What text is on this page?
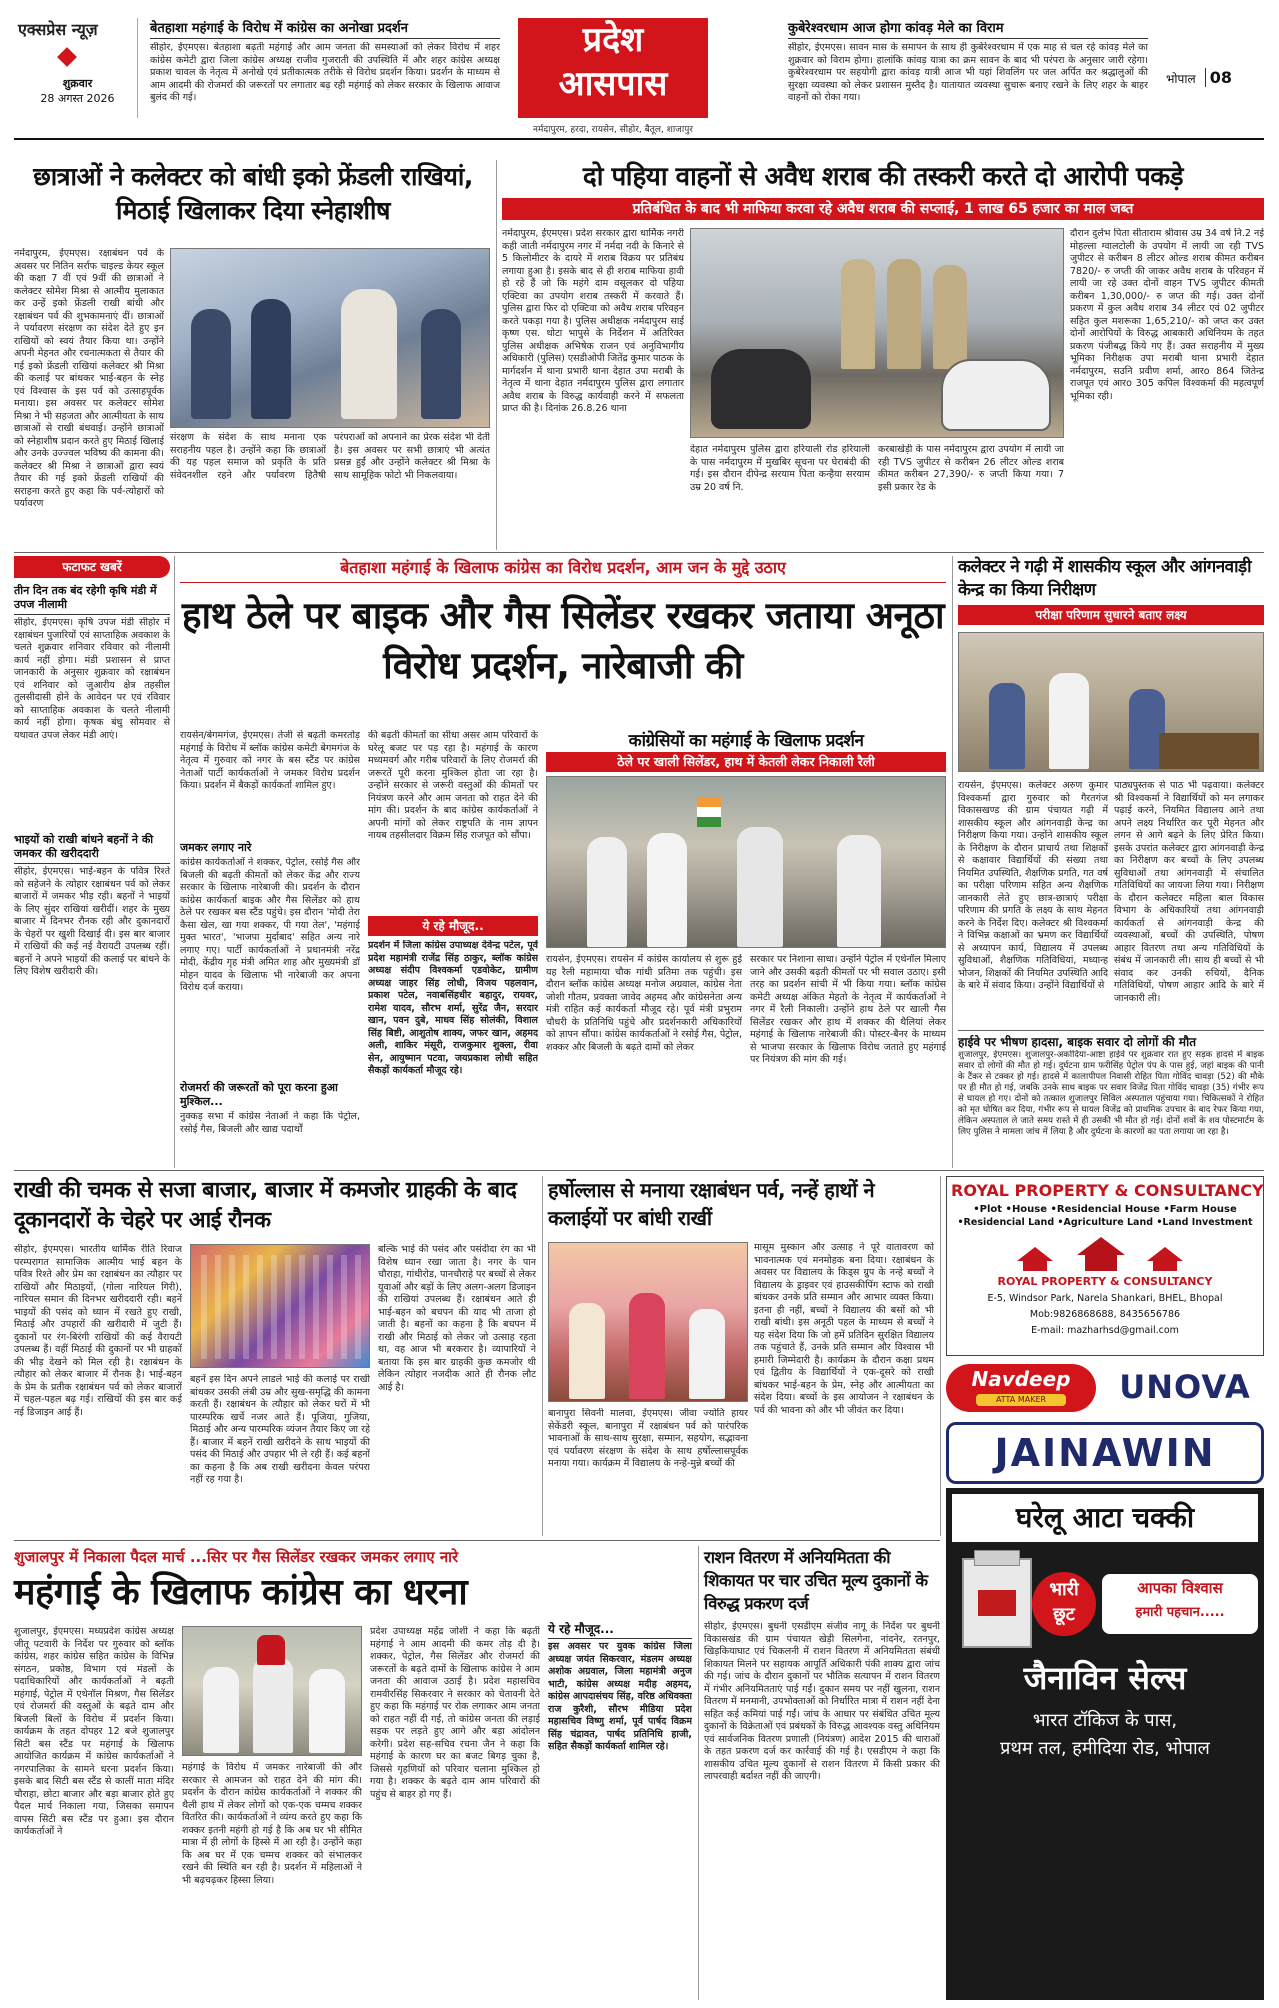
एक्सप्रेस न्यूज़
शुक्रवार
28 अगस्त 2026
बेतहाशा महंगाई के विरोध में कांग्रेस का अनोखा प्रदर्शन
सीहोर, ईएमएस। बेतहाशा बढ़ती महंगाई और आम जनता की समस्याओं को लेकर विरोध में शहर कांग्रेस कमेटी द्वारा जिला कांग्रेस अध्यक्ष राजीव गुजराती की उपस्थिति में और शहर कांग्रेस अध्यक्ष प्रकाश चावल के नेतृत्व में अनोखे एवं प्रतीकात्मक तरीके से विरोध प्रदर्शन किया। प्रदर्शन के माध्यम से आम आदमी की रोजमर्रा की जरूरतों पर लगातार बढ़ रही महंगाई को लेकर सरकार के खिलाफ आवाज बुलंद की गई।
प्रदेश
आसपास
नर्मदापुरम, हरदा, रायसेन, सीहोर, बैतूल, शाजापुर
कुबेरेश्वरधाम आज होगा कांवड़ मेले का विराम
सीहोर, ईएमएस। सावन मास के समापन के साथ ही कुबेरेश्वरधाम में एक माह से चल रहे कांवड़ मेले का शुक्रवार को विराम होगा। हालांकि कांवड़ यात्रा का क्रम सावन के बाद भी परंपरा के अनुसार जारी रहेगा। कुबेरेश्वरधाम पर सहयोगी द्वारा कांवड़ यात्री आज भी यहां शिवलिंग पर जल अर्पित कर श्रद्धालुओं की सुरक्षा व्यवस्था को लेकर प्रशासन मुस्तैद है। यातायात व्यवस्था सुचारू बनाए रखने के लिए शहर के बाहर वाहनों को रोका गया।
भोपाल 08
छात्राओं ने कलेक्टर को बांधी इको फ्रेंडली राखियां, मिठाई खिलाकर दिया स्नेहाशीष
नर्मदापुरम, ईएमएस। रक्षाबंधन पर्व के अवसर पर नितिन सर्राफ चाइल्ड केयर स्कूल की कक्षा 7 वीं एवं 9वीं की छात्राओं ने कलेक्टर सोमेश मिश्रा से आत्मीय मुलाकात कर उन्हें इको फ्रेंडली राखी बांधी और रक्षाबंधन पर्व की शुभकामनाएं दीं। छात्राओं ने पर्यावरण संरक्षण का संदेश देते हुए इन राखियों को स्वयं तैयार किया था। उन्होंने अपनी मेहनत और रचनात्मकता से तैयार की गई इको फ्रेंडली राखियां कलेक्टर श्री मिश्रा की कलाई पर बांधकर भाई-बहन के स्नेह एवं विश्वास के इस पर्व को उत्साहपूर्वक मनाया। इस अवसर पर कलेक्टर सोमेश मिश्रा ने भी सहजता और आत्मीयता के साथ छात्राओं से राखी बंधवाई। उन्होंने छात्राओं को स्नेहाशीष प्रदान करते हुए मिठाई खिलाई और उनके उज्ज्वल भविष्य की कामना की। कलेक्टर श्री मिश्रा ने छात्राओं द्वारा स्वयं तैयार की गई इको फ्रेंडली राखियों की सराहना करते हुए कहा कि पर्व-त्योहारों को पर्यावरण
संरक्षण के संदेश के साथ मनाना एक सराहनीय पहल है। उन्होंने कहा कि छात्राओं की यह पहल समाज को प्रकृति के प्रति संवेदनशील रहने और पर्यावरण हितैषी परंपराओं को अपनाने का प्रेरक संदेश भी देती है। इस अवसर पर सभी छात्राएं भी अत्यंत प्रसन्न हुईं और उन्होंने कलेक्टर श्री मिश्रा के साथ सामूहिक फोटो भी निकलवाया।
दो पहिया वाहनों से अवैध शराब की तस्करी करते दो आरोपी पकड़े
प्रतिबंधित के बाद भी माफिया करवा रहे अवैध शराब की सप्लाई, 1 लाख 65 हजार का माल जब्त
नर्मदापुरम, ईएमएस। प्रदेश सरकार द्वारा धार्मिक नगरी कही जाती नर्मदापुरम नगर में नर्मदा नदी के किनारे से 5 किलोमीटर के दायरे में शराब विक्रय पर प्रतिबंध लगाया हुआ है। इसके बाद से ही शराब माफिया हावी हो रहे हैं जो कि महंगे दाम वसूलकर दो पहिया एक्टिवा का उपयोग शराब तस्करी में करवाते हैं। पुलिस द्वारा फिर दो एक्टिवा को अवैध शराब परिवहन करते पकड़ा गया है। पुलिस अधीक्षक नर्मदापुरम साई कृष्ण एस. थोटा भापुसे के निर्देशन में अतिरिक्त पुलिस अधीक्षक अभिषेक राजन एवं अनुविभागीय अधिकारी (पुलिस) एसडीओपी जितेंद्र कुमार पाठक के मार्गदर्शन में थाना प्रभारी थाना देहात उपा मराबी के नेतृत्व में थाना देहात नर्मदापुरम पुलिस द्वारा लगातार अवैध शराब के विरुद्ध कार्यवाही करने में सफलता प्राप्त की है। दिनांक 26.8.26 थाना
देहात नर्मदापुरम पुलिस द्वारा हरियाली रोड हरियाली के पास नर्मदापुरम में मुखबिर सूचना पर घेराबंदी की गई। इस दौरान दीपेन्द्र सरयाम पिता कन्हैया सरयाम उम्र 20 वर्ष नि.
करबाखेड़ी के पास नर्मदापुरम द्वारा उपयोग में लायी जा रही TVS जुपीटर से करीबन 26 लीटर ओल्ड शराब कीमत करीबन 27,390/- रु जप्ती किया गया। 7 इसी प्रकार रेड के
दौरान दुर्लभ पिता सीताराम श्रीवास उम्र 34 वर्ष नि.2 नई मोहल्ला ग्वालटोली के उपयोग में लायी जा रही TVS जुपीटर से करीबन 8 लीटर ओल्ड शराब कीमत करीबन 7820/- रु जप्ती की जाकर अवैध शराब के परिवहन में लायी जा रहे उक्त दोनों वाहन TVS जुपीटर कीमती करीबन 1,30,000/- रु जप्त की गई। उक्त दोनों प्रकरण में कुल अवैध शराब 34 लीटर एवं 02 जुपीटर सहित कुल मशरूका 1,65,210/- को जप्त कर उक्त दोनों आरोपियों के विरुद्ध आबकारी अधिनियम के तहत प्रकरण पंजीबद्ध किये गए हैं। उक्त सराहनीय में मुख्य भूमिका निरीक्षक उपा मराबी थाना प्रभारी देहात नर्मदापुरम, सउनि प्रवीण शर्मा, आरo 864 जितेन्द्र राजपूत एवं आरo 305 कपिल विश्वकर्मा की महत्वपूर्ण भूमिका रही।
फटाफट खबरें
तीन दिन तक बंद रहेगी कृषि मंडी में उपज नीलामी
सीहोर, ईएमएस। कृषि उपज मंडी सीहोर में रक्षाबंधन पुजारियों एवं साप्ताहिक अवकाश के चलते शुक्रवार शनिवार रविवार को नीलामी कार्य नहीं होगा। मंडी प्रशासन से प्राप्त जानकारी के अनुसार शुक्रवार को रक्षाबंधन एवं शनिवार को जुआरीय क्षेत्र तहसील तुलसीदासी होने के आवेदन पर एवं रविवार को साप्ताहिक अवकाश के चलते नीलामी कार्य नहीं होगा। कृषक बंधु सोमवार से यथावत उपज लेकर मंडी आएं।
भाइयों को राखी बांधने बहनों ने की जमकर की खरीददारी
सीहोर, ईएमएस। भाई-बहन के पवित्र रिश्ते को सहेजने के त्योहार रक्षाबंधन पर्व को लेकर बाजारों में जमकर भीड़ रही। बहनों ने भाइयों के लिए सुंदर राखियां खरीदीं। शहर के मुख्य बाजार में दिनभर रौनक रही और दुकानदारों के चेहरों पर खुशी दिखाई दी। इस बार बाजार में राखियों की कई नई वैरायटी उपलब्ध रहीं। बहनों ने अपने भाइयों की कलाई पर बांधने के लिए विशेष खरीदारी की।
बेतहाशा महंगाई के खिलाफ कांग्रेस का विरोध प्रदर्शन, आम जन के मुद्दे उठाए
हाथ ठेले पर बाइक और गैस सिलेंडर रखकर जताया अनूठा विरोध प्रदर्शन, नारेबाजी की
रायसेन/बेगमगंज, ईएमएस। तेजी से बढ़ती कमरतोड़ महंगाई के विरोध में ब्लॉक कांग्रेस कमेटी बेगमगंज के नेतृत्व में गुरुवार को नगर के बस स्टैंड पर कांग्रेस नेताओं पार्टी कार्यकर्ताओं ने जमकर विरोध प्रदर्शन किया। प्रदर्शन में बैकड़ों कार्यकर्ता शामिल हुए।
जमकर लगाए नारे
कांग्रेस कार्यकर्ताओं ने शक्कर, पेट्रोल, रसोई गैस और बिजली की बढ़ती कीमतों को लेकर केंद्र और राज्य सरकार के खिलाफ नारेबाजी की। प्रदर्शन के दौरान कांग्रेस कार्यकर्ता बाइक और गैस सिलेंडर को हाथ ठेले पर रखकर बस स्टैंड पहुंचे। इस दौरान 'मोदी तेरा कैसा खेल, खा गया शक्कर, पी गया तेल', 'महंगाई मुक्त भारत', 'भाजपा मुर्दाबाद' सहित अन्य नारे लगाए गए। पार्टी कार्यकर्ताओं ने प्रधानमंत्री नरेंद्र मोदी, केंद्रीय गृह मंत्री अमित शाह और मुख्यमंत्री डॉ मोहन यादव के खिलाफ भी नारेबाजी कर अपना विरोध दर्ज कराया।
रोजमर्रा की जरूरतों को पूरा करना हुआ मुश्किल...
नुक्कड़ सभा में कांग्रेस नेताओं ने कहा कि पेट्रोल, रसोई गैस, बिजली और खाद्य पदार्थों
की बढ़ती कीमतों का सीधा असर आम परिवारों के घरेलू बजट पर पड़ रहा है। महंगाई के कारण मध्यमवर्ग और गरीब परिवारों के लिए रोजमर्रा की जरूरतें पूरी करना मुश्किल होता जा रहा है। उन्होंने सरकार से जरूरी वस्तुओं की कीमतों पर नियंत्रण करने और आम जनता को राहत देने की मांग की। प्रदर्शन के बाद कांग्रेस कार्यकर्ताओं ने अपनी मांगों को लेकर राष्ट्रपति के नाम ज्ञापन नायब तहसीलदार विक्रम सिंह राजपूत को सौंपा।
ये रहे मौजूद..
प्रदर्शन में जिला कांग्रेस उपाध्यक्ष देवेन्द्र पटेल, पूर्व प्रदेश महामंत्री राजेंद्र सिंह ठाकुर, ब्लॉक कांग्रेस अध्यक्ष संदीप विश्वकर्मा एडवोकेट, ग्रामीण अध्यक्ष जाहर सिंह लोधी, विजय पहलवान, प्रकाश पटेल, नवाबसिंहधीर बहादुर, रायवर, रामेश यादव, सौरभ शर्मा, सुरेंद्र जैन, सरदार खान, पवन दुबे, माधव सिंह सोलंकी, विशाल सिंह बिष्टी, आशुतोष शाक्य, जफर खान, अहमद अली, शाकिर मंसूरी, राजकुमार शुक्ला, रीवा सेन, आयुष्मान पटवा, जयप्रकाश लोधी सहित सैकड़ों कार्यकर्ता मौजूद रहे।
कांग्रेसियों का महंगाई के खिलाफ प्रदर्शन
ठेले पर खाली सिलेंडर, हाथ में केतली लेकर निकाली रैली
रायसेन, ईएमएस। रायसेन में कांग्रेस कार्यालय से शुरू हुई यह रैली महामाया चौक गांधी प्रतिमा तक पहुंची। इस दौरान ब्लॉक कांग्रेस अध्यक्ष मनोज अग्रवाल, कांग्रेस नेता जोशी गौतम, प्रवक्ता जावेद अहमद और कांग्रेसनेता अन्य मंत्री राहित कई कार्यकर्ता मौजूद रहे। पूर्व मंत्री प्रभुराम चौधरी के प्रतिनिधि पहुंचे और प्रदर्शनकारी अधिकारियों को ज्ञापन सौंपा। कांग्रेस कार्यकर्ताओं ने रसोई गैस, पेट्रोल, शक्कर और बिजली के बढ़ते दामों को लेकर
सरकार पर निशाना साधा। उन्होंने पेट्रोल में एथेनॉल मिलाए जाने और उसकी बढ़ती कीमतों पर भी सवाल उठाए। इसी तरह का प्रदर्शन सांची में भी किया गया। ब्लॉक कांग्रेस कमेटी अध्यक्ष अंकित मेहतो के नेतृत्व में कार्यकर्ताओं ने नगर में रैली निकाली। उन्होंने हाथ ठेले पर खाली गैस सिलेंडर रखकर और हाथ में शक्कर की थैलियां लेकर महंगाई के खिलाफ नारेबाजी की। पोस्टर-बैनर के माध्यम से भाजपा सरकार के खिलाफ विरोध जताते हुए महंगाई पर नियंत्रण की मांग की गई।
कलेक्टर ने गढ़ी में शासकीय स्कूल और आंगनवाड़ी केन्द्र का किया निरीक्षण
परीक्षा परिणाम सुधारने बताए लक्ष्य
रायसेन, ईएमएस। कलेक्टर अरुण कुमार विश्वकर्मा द्वारा गुरुवार को गैरतगंज विकासखण्ड की ग्राम पंचायत गढ़ी में शासकीय स्कूल और आंगनवाड़ी केन्द्र का निरीक्षण किया गया। उन्होंने शासकीय स्कूल के निरीक्षण के दौरान प्राचार्य तथा शिक्षकों से कक्षावार विद्यार्थियों की संख्या तथा नियमित उपस्थिति, शैक्षणिक प्रगति, गत वर्ष का परीक्षा परिणाम सहित अन्य शैक्षणिक जानकारी लेते हुए छात्र-छात्राएं परीक्षा परिणाम की प्रगति के लक्ष्य के साथ मेहनत करने के निर्देश दिए। कलेक्टर श्री विश्वकर्मा ने विभिन्न कक्षाओं का भ्रमण कर विद्यार्थियों से अध्यापन कार्य, विद्यालय में उपलब्ध सुविधाओं, शैक्षणिक गतिविधियां, मध्यान्ह भोजन, शिक्षकों की नियमित उपस्थिति आदि के बारे में संवाद किया। उन्होंने विद्यार्थियों से
पाठ्यपुस्तक से पाठ भी पढ़वाया। कलेक्टर श्री विश्वकर्मा ने विद्यार्थियों को मन लगाकर पढ़ाई करने, नियमित विद्यालय आने तथा अपने लक्ष्य निर्धारित कर पूरी मेहनत और लगन से आगे बढ़ने के लिए प्रेरित किया। इसके उपरांत कलेक्टर द्वारा आंगनवाड़ी केन्द्र का निरीक्षण कर बच्चों के लिए उपलब्ध सुविधाओं तथा आंगनवाड़ी में संचालित गतिविधियों का जायजा लिया गया। निरीक्षण के दौरान कलेक्टर महिला बाल विकास विभाग के अधिकारियों तथा आंगनवाड़ी कार्यकर्ता से आंगनवाड़ी केन्द्र की व्यवस्थाओं, बच्चों की उपस्थिति, पोषण आहार वितरण तथा अन्य गतिविधियों के संबंध में जानकारी ली। साथ ही बच्चों से भी संवाद कर उनकी रुचियों, दैनिक गतिविधियों, पोषण आहार आदि के बारे में जानकारी ली।
हाईवे पर भीषण हादसा, बाइक सवार दो लोगों की मौत
शुजालपुर, ईएमएस। शुजालपुर-अकोदिया-आष्टा हाईवे पर शुक्रवार रात हुए सड़क हादसे में बाइक सवार दो लोगों की मौत हो गई। दुर्घटना ग्राम फरीसिंह पेट्रोल पंप के पास हुई, जहां बाइक की पानी के टैंकर से टक्कर हो गई। हादसे में कालापीपल निवासी रोहित पिता गोविंद चावड़ा (52) की मौके पर ही मौत हो गई, जबकि उनके साथ बाइक पर सवार विजेंद्र पिता गोविंद चावड़ा (35) गंभीर रूप से घायल हो गए। दोनों को तत्काल शुजालपुर सिविल अस्पताल पहुंचाया गया। चिकित्सकों ने रोहित को मृत घोषित कर दिया, गंभीर रूप से घायल विजेंद्र को प्राथमिक उपचार के बाद रेफर किया गया, लेकिन अस्पताल ले जाते समय रास्ते में ही उसकी भी मौत हो गई। दोनों शवों के शव पोस्टमार्टम के लिए पुलिस ने मामला जांच में लिया है और दुर्घटना के कारणों का पता लगाया जा रहा है।
राखी की चमक से सजा बाजार, बाजार में कमजोर ग्राहकी के बाद दूकानदारों के चेहरे पर आई रौनक
सीहोर, ईएमएस। भारतीय धार्मिक रीति रिवाज परम्परागत सामाजिक आत्मीय भाई बहन के पवित्र रिश्ते और प्रेम का रक्षाबंधन का त्यौहार पर राखियों और मिठाइयों, (गोला नारियल गिरी), नारियल समान की दिनभर खरीददारी रही। बहनें भाइयों की पसंद को ध्यान में रखते हुए राखी, मिठाई और उपहारों की खरीदारी में जुटी हैं। दुकानों पर रंग-बिरंगी राखियों की कई वैरायटी उपलब्ध हैं। वहीं मिठाई की दुकानों पर भी ग्राहकों की भीड़ देखने को मिल रही है। रक्षाबंधन के त्यौहार को लेकर बाजार में रौनक है। भाई-बहन के प्रेम के प्रतीक रक्षाबंधन पर्व को लेकर बाजारों में चहल-पहल बढ़ गई। राखियों की इस बार कई नई डिजाइन आई हैं।
बहनें इस दिन अपने लाडले भाई की कलाई पर राखी बांधकर उसकी लंबी उम्र और सुख-समृद्धि की कामना करती हैं। रक्षाबंधन के त्यौहार को लेकर घरों में भी पारम्परिक खर्चे नजर आते हैं। पूजिया, गुजिया, मिठाई और अन्य पारम्परिक व्यंजन तैयार किए जा रहे हैं। बाजार में बहनें राखी खरीदने के साथ भाइयों की पसंद की मिठाई और उपहार भी ले रही हैं। कई बहनों का कहना है कि अब राखी खरीदना केवल परंपरा नहीं रह गया है।
बल्कि भाई की पसंद और पसंदीदा रंग का भी विशेष ध्यान रखा जाता है। नगर के पान चौराहा, गांधीरोड, पानचौराहे पर बच्चों से लेकर युवाओं और बड़ों के लिए अलग-अलग डिजाइन की राखियां उपलब्ध हैं। रक्षाबंधन आते ही भाई-बहन को बचपन की याद भी ताजा हो जाती है। बहनों का कहना है कि बचपन में राखी और मिठाई को लेकर जो उत्साह रहता था, वह आज भी बरकरार है। व्यापारियों ने बताया कि इस बार ग्राहकी कुछ कमजोर थी लेकिन त्योहार नजदीक आते ही रौनक लौट आई है।
हर्षोल्लास से मनाया रक्षाबंधन पर्व, नन्हें हाथों ने कलाईयों पर बांधी राखीं
बानापुरा सिवनी मालवा, ईएमएस। जीवा ज्योति हायर सेकेंडरी स्कूल, बानापुरा में रक्षाबंधन पर्व को पारंपरिक भावनाओं के साथ-साथ सुरक्षा, सम्मान, सहयोग, सद्भावना एवं पर्यावरण संरक्षण के संदेश के साथ हर्षोल्लासपूर्वक मनाया गया। कार्यक्रम में विद्यालय के नन्हे-मुन्ने बच्चों की
मासूम मुस्कान और उत्साह ने पूरे वातावरण को भावनात्मक एवं मनमोहक बना दिया। रक्षाबंधन के अवसर पर विद्यालय के किड्स ग्रुप के नन्हे बच्चों ने विद्यालय के ड्राइवर एवं हाउसकीपिंग स्टाफ को राखी बांधकर उनके प्रति सम्मान और आभार व्यक्त किया। इतना ही नहीं, बच्चों ने विद्यालय की बसों को भी राखी बांधी। इस अनूठी पहल के माध्यम से बच्चों ने यह संदेश दिया कि जो हमें प्रतिदिन सुरक्षित विद्यालय तक पहुंचाते हैं, उनके प्रति सम्मान और विश्वास भी हमारी जिम्मेदारी है। कार्यक्रम के दौरान कक्षा प्रथम एवं द्वितीय के विद्यार्थियों ने एक-दूसरे को राखी बांधकर भाई-बहन के प्रेम, स्नेह और आत्मीयता का संदेश दिया। बच्चों के इस आयोजन ने रक्षाबंधन के पर्व की भावना को और भी जीवंत कर दिया।
ROYAL PROPERTY & CONSULTANCY
•Plot •House •Residencial House •Farm House
•Residencial Land •Agriculture Land •Land Investment
ROYAL PROPERTY & CONSULTANCY
E-5, Windsor Park, Narela Shankari, BHEL, Bhopal
Mob:9826868688, 8435656786
E-mail: mazharhsd@gmail.com
Navdeep
ATTA MAKER	UNOVA
JAINAWIN
घरेलू आटा चक्की
भारी
छूट
आपका विश्वास
हमारी पहचान.....
जैनाविन सेल्स
भारत टॉकिज के पास,
प्रथम तल, हमीदिया रोड, भोपाल
शुजालपुर में निकाला पैदल मार्च ...सिर पर गैस सिलेंडर रखकर जमकर लगाए नारे
महंगाई के खिलाफ कांग्रेस का धरना
शुजालपुर, ईएमएस। मध्यप्रदेश कांग्रेस अध्यक्ष जीतू पटवारी के निर्देश पर गुरुवार को ब्लॉक कांग्रेस, शहर कांग्रेस सहित कांग्रेस के विभिन्न संगठन, प्रकोष्ठ, विभाग एवं मंडलों के पदाधिकारियों और कार्यकर्ताओं ने बढ़ती महंगाई, पेट्रोल में एथेनॉल मिश्रण, गैस सिलेंडर एवं रोजमर्रा की वस्तुओं के बढ़ते दाम और बिजली बिलों के विरोध में प्रदर्शन किया। कार्यक्रम के तहत दोपहर 12 बजे शुजालपुर सिटी बस स्टैंड पर महंगाई के खिलाफ आयोजित कार्यक्रम में कांग्रेस कार्यकर्ताओं ने नगरपालिका के सामने धरना प्रदर्शन किया। इसके बाद सिटी बस स्टैंड से कालीं माता मंदिर चौराहा, छोटा बाजार और बड़ा बाजार होते हुए पैदल मार्च निकाला गया, जिसका समापन वापस सिटी बस स्टैंड पर हुआ। इस दौरान कार्यकर्ताओं ने
महंगाई के विरोध में जमकर नारेबाजी की और सरकार से आमजन को राहत देने की मांग की। प्रदर्शन के दौरान कांग्रेस कार्यकर्ताओं ने शक्कर की थैली हाथ में लेकर लोगों को एक-एक चम्मच शक्कर वितरित की। कार्यकर्ताओं ने व्यंग्य करते हुए कहा कि शक्कर इतनी महंगी हो गई है कि अब घर भी सीमित मात्रा में ही लोगों के हिस्से में आ रही है। उन्होंने कहा कि अब घर में एक चम्मच शक्कर को संभालकर रखने की स्थिति बन रही है। प्रदर्शन में महिलाओं ने भी बढ़चढ़कर हिस्सा लिया।
प्रदेश उपाध्यक्ष महेंद्र जोशी ने कहा कि बढ़ती महंगाई ने आम आदमी की कमर तोड़ दी है। शक्कर, पेट्रोल, गैस सिलेंडर और रोजमर्रा की जरूरतों के बढ़ते दामों के खिलाफ कांग्रेस ने आम जनता की आवाज उठाई है। प्रदेश महासचिव रामवीरसिंह सिकरवार ने सरकार को चेतावनी देते हुए कहा कि महंगाई पर रोक लगाकर आम जनता को राहत नहीं दी गई, तो कांग्रेस जनता की लड़ाई सड़क पर लड़ते हुए आगे और बड़ा आंदोलन करेगी। प्रदेश सह-सचिव रचना जैन ने कहा कि महंगाई के कारण घर का बजट बिगड़ चुका है, जिससे गृहणियों को परिवार चलाना मुश्किल हो गया है। शक्कर के बढ़ते दाम आम परिवारों की पहुंच से बाहर हो गए हैं।
ये रहे मौजूद...
इस अवसर पर युवक कांग्रेस जिला अध्यक्ष जयंत सिकरवार, मंडलम अध्यक्ष अशोक अग्रवाल, जिला महामंत्री अनुज भाटी, कांग्रेस अध्यक्ष मदीह अहमद, कांग्रेस आपदासंचय सिंह, वरिष्ठ अधिवक्ता राज कुरैशी, सौरभ मीडिया प्रदेश महासचिव विष्णु शर्मा, पूर्व पार्षद विक्रम सिंह चंद्रावत, पार्षद प्रतिनिधि हाजी, सहित सैकड़ों कार्यकर्ता शामिल रहे।
राशन वितरण में अनियमितता की शिकायत पर चार उचित मूल्य दुकानों के विरुद्ध प्रकरण दर्ज
सीहोर, ईएमएस। बुधनी एसडीएम संजीव नागू के निर्देश पर बुधनी विकासखंड की ग्राम पंचायत खेड़ी सिलगेना, नांदनेर, रतनपुर, खिड़कियाघाट एवं चिकलनी में राशन वितरण में अनियमितता संबंधी शिकायत मिलने पर सहायक आपूर्ति अधिकारी पंकी शाक्य द्वारा जांच की गई। जांच के दौरान दुकानों पर भौतिक सत्यापन में राशन वितरण में गंभीर अनियमितताएं पाई गईं। दुकान समय पर नहीं खुलना, राशन वितरण में मनमानी, उपभोक्ताओं को निर्धारित मात्रा में राशन नहीं देना सहित कई कमियां पाई गईं। जांच के आधार पर संबंधित उचित मूल्य दुकानों के विक्रेताओं एवं प्रबंधकों के विरुद्ध आवश्यक वस्तु अधिनियम एवं सार्वजनिक वितरण प्रणाली (नियंत्रण) आदेश 2015 की धाराओं के तहत प्रकरण दर्ज कर कार्रवाई की गई है। एसडीएम ने कहा कि शासकीय उचित मूल्य दुकानों से राशन वितरण में किसी प्रकार की लापरवाही बर्दाश्त नहीं की जाएगी।
